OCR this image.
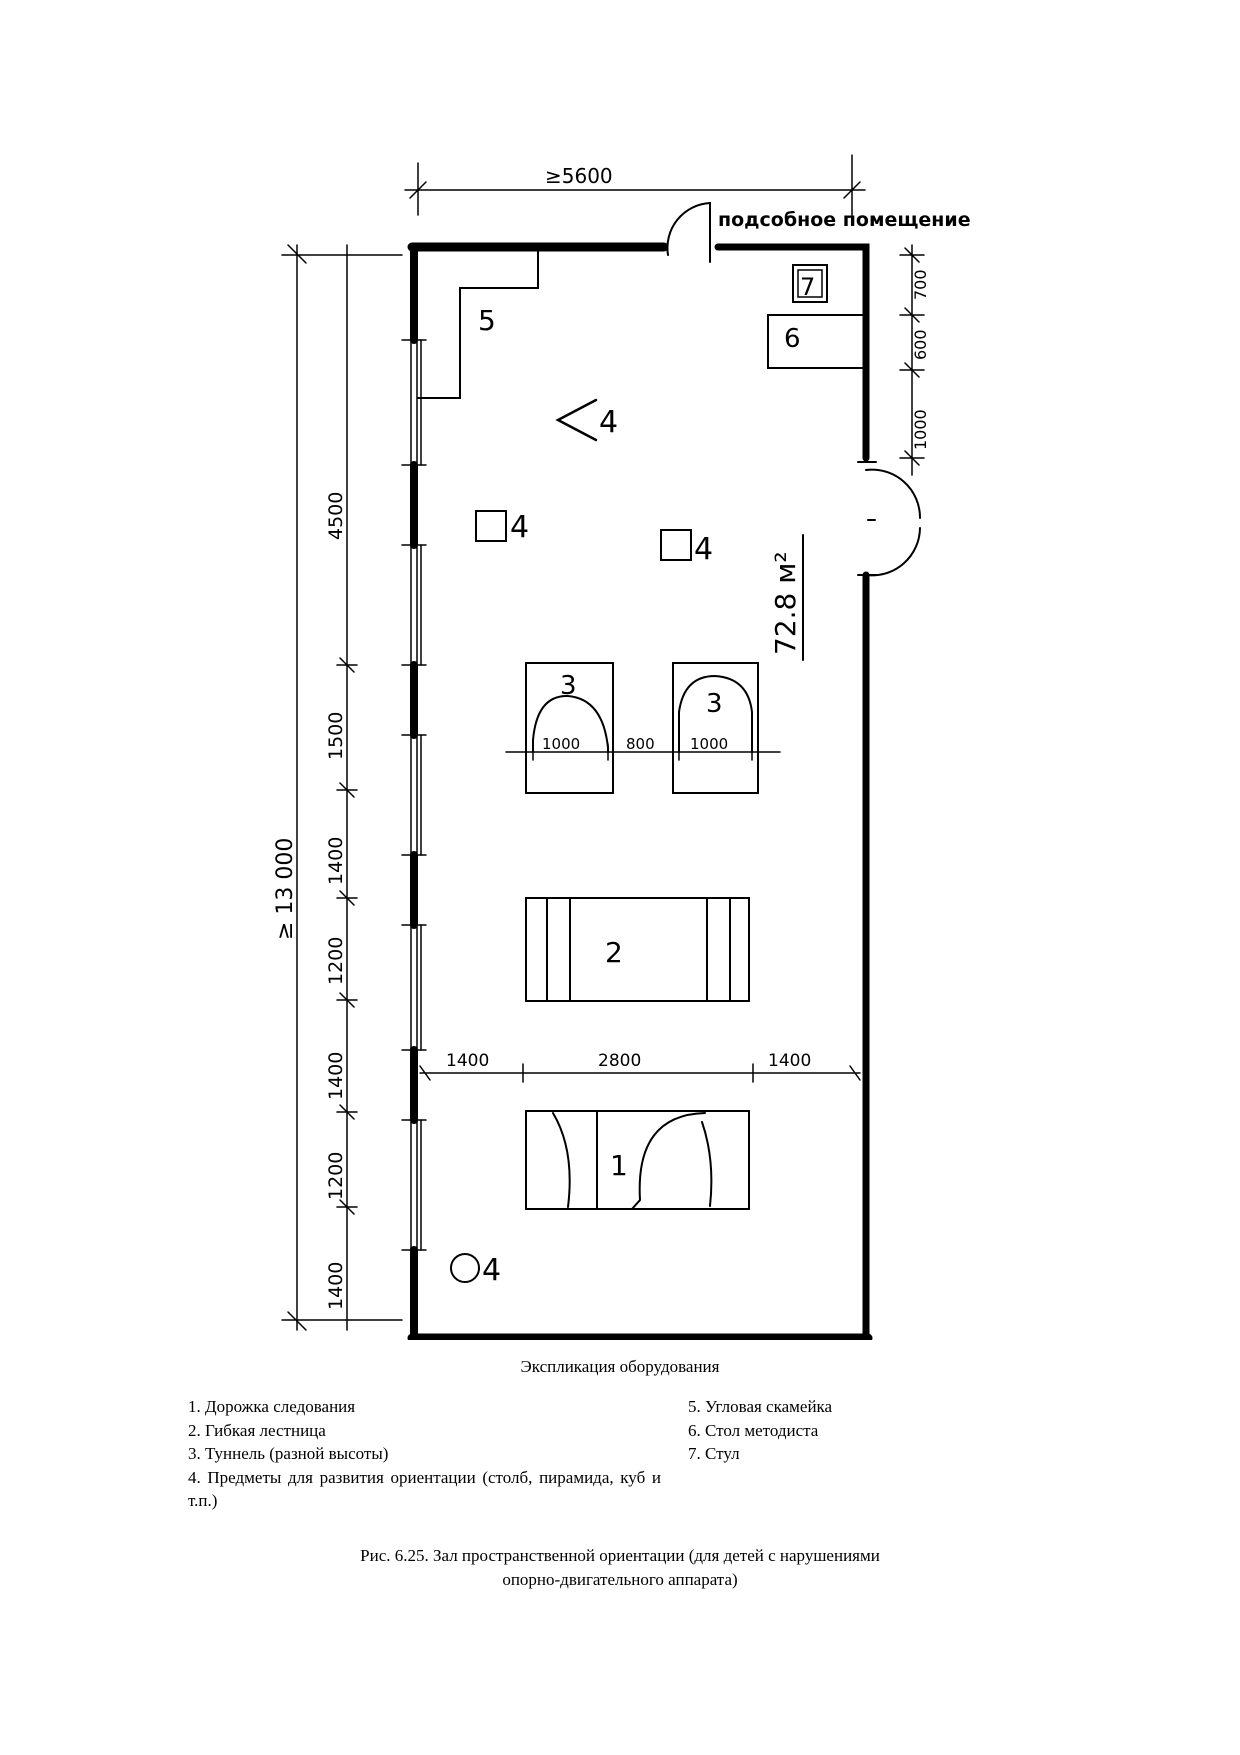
подсобное помещение
≥5600
7
6
5
4
4
4
4
3
3
2
1
1000	800 1000
1400	2800	1400
72.8 м²
≥ 13 000
4500
1500
1400
1200
1400
1200
1400
700
600
1000
Экспликация оборудования
1. Дорожка следования
2. Гибкая лестница
3. Туннель (разной высоты)
4. Предметы для развития ориентации (столб, пирамида, куб и т.п.)
5. Угловая скамейка
6. Стол методиста
7. Стул
Рис. 6.25. Зал пространственной ориентации (для детей с нарушениями
опорно-двигательного аппарата)
